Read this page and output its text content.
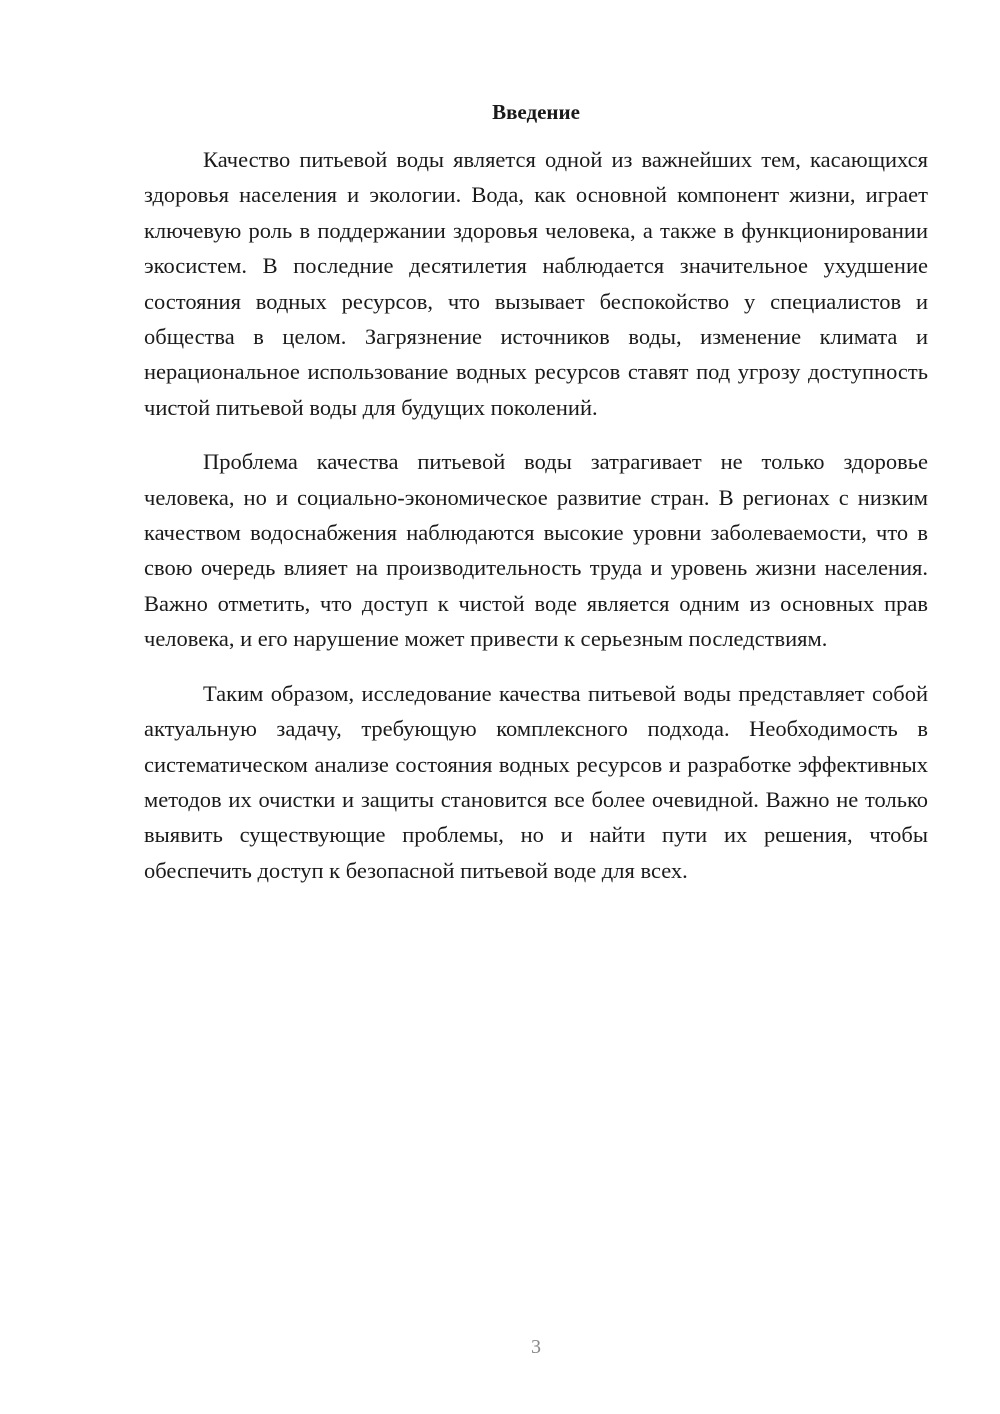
Введение

Качество питьевой воды является одной из важнейших тем, касающихся здоровья населения и экологии. Вода, как основной компонент жизни, играет ключевую роль в поддержании здоровья человека, а также в функционировании экосистем. В последние десятилетия наблюдается значительное ухудшение состояния водных ресурсов, что вызывает беспокойство у специалистов и общества в целом. Загрязнение источников воды, изменение климата и нерациональное использование водных ресурсов ставят под угрозу доступность чистой питьевой воды для будущих поколений.

Проблема качества питьевой воды затрагивает не только здоровье человека, но и социально-экономическое развитие стран. В регионах с низким качеством водоснабжения наблюдаются высокие уровни заболеваемости, что в свою очередь влияет на производительность труда и уровень жизни населения. Важно отметить, что доступ к чистой воде является одним из основных прав человека, и его нарушение может привести к серьезным последствиям.

Таким образом, исследование качества питьевой воды представляет собой актуальную задачу, требующую комплексного подхода. Необходимость в систематическом анализе состояния водных ресурсов и разработке эффективных методов их очистки и защиты становится все более очевидной. Важно не только выявить существующие проблемы, но и найти пути их решения, чтобы обеспечить доступ к безопасной питьевой воде для всех.

3
